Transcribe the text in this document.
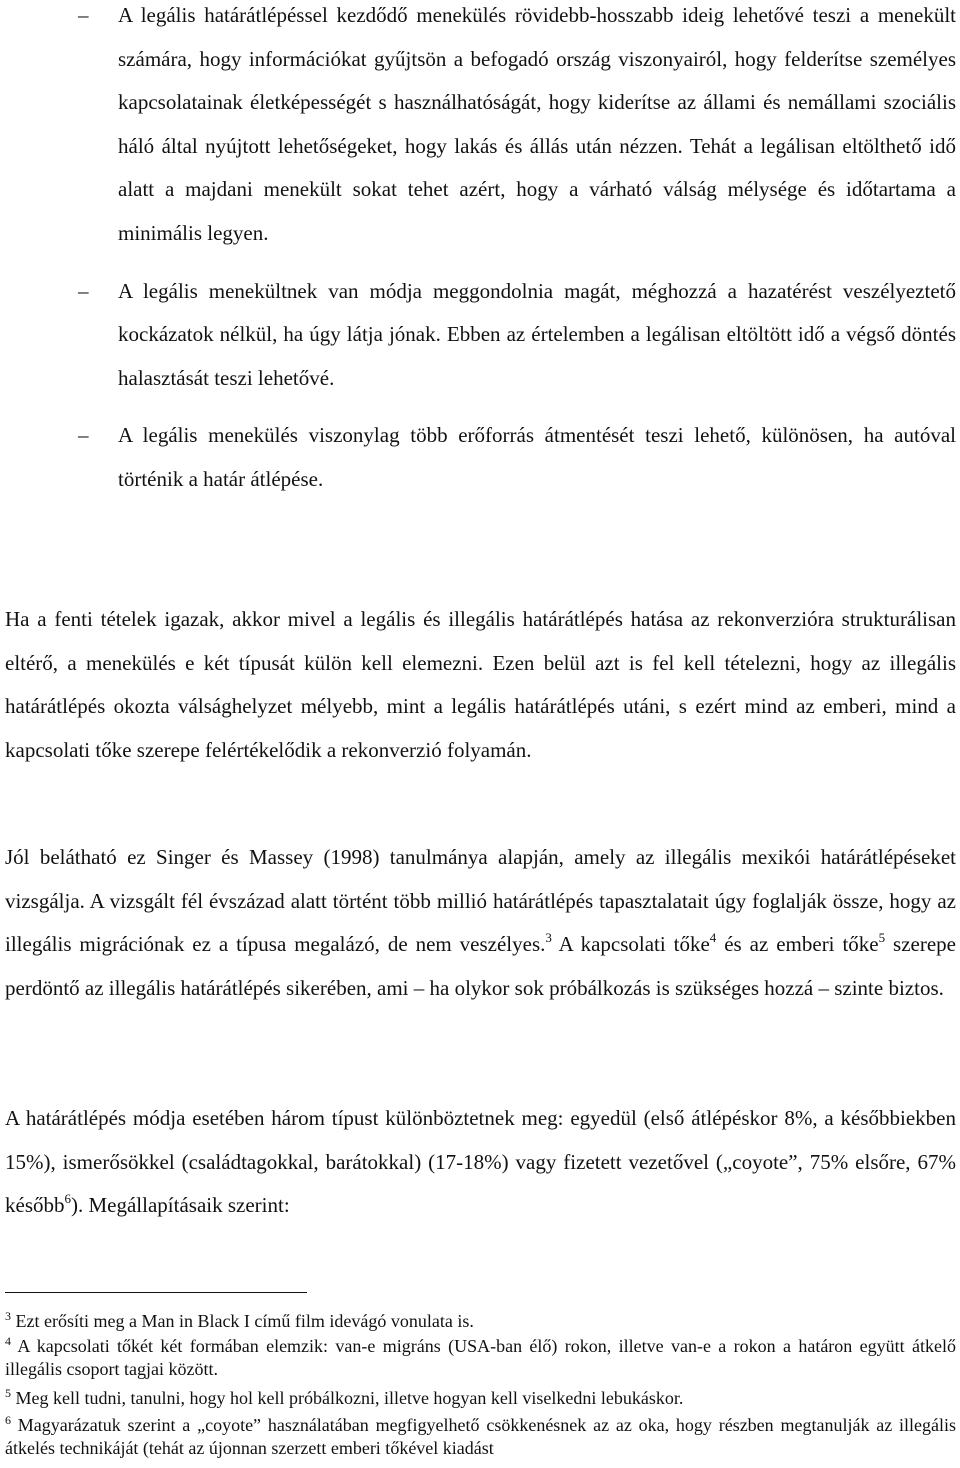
– A legális határátlépéssel kezdődő menekülés rövidebb-hosszabb ideig lehetővé teszi a menekült számára, hogy információkat gyűjtsön a befogadó ország viszonyairól, hogy felderítse személyes kapcsolatainak életképességét s használhatóságát, hogy kiderítse az állami és nemállami szociális háló által nyújtott lehetőségeket, hogy lakás és állás után nézzen. Tehát a legálisan eltölthető idő alatt a majdani menekült sokat tehet azért, hogy a várható válság mélysége és időtartama a minimális legyen.

– A legális menekültnek van módja meggondolnia magát, méghozzá a hazatérést veszélyeztető kockázatok nélkül, ha úgy látja jónak. Ebben az értelemben a legálisan eltöltött idő a végső döntés halasztását teszi lehetővé.

– A legális menekülés viszonylag több erőforrás átmentését teszi lehető, különösen, ha autóval történik a határ átlépése.

Ha a fenti tételek igazak, akkor mivel a legális és illegális határátlépés hatása az rekonverzióra strukturálisan eltérő, a menekülés e két típusát külön kell elemezni. Ezen belül azt is fel kell tételezni, hogy az illegális határátlépés okozta válsághelyzet mélyebb, mint a legális határátlépés utáni, s ezért mind az emberi, mind a kapcsolati tőke szerepe felértékelődik a rekonverzió folyamán.

Jól belátható ez Singer és Massey (1998) tanulmánya alapján, amely az illegális mexikói határátlépéseket vizsgálja. A vizsgált fél évszázad alatt történt több millió határátlépés tapasztalatait úgy foglalják össze, hogy az illegális migrációnak ez a típusa megalázó, de nem veszélyes.$^3$ A kapcsolati tőke$^4$ és az emberi tőke$^5$ szerepe perdöntő az illegális határátlépés sikerében, ami – ha olykor sok próbálkozás is szükséges hozzá – szinte biztos.

A határátlépés módja esetében három típust különböztetnek meg: egyedül (első átlépéskor 8%, a későbbiekben 15%), ismerősökkel (családtagokkal, barátokkal) (17-18%) vagy fizetett vezetővel („coyote”, 75% elsőre, 67% később$^6$). Megállapításaik szerint:

$^3$ Ezt erősíti meg a Man in Black I című film idevágó vonulata is.

$^4$ A kapcsolati tőkét két formában elemzik: van-e migráns (USA-ban élő) rokon, illetve van-e a rokon a határon együtt átkelő illegális csoport tagjai között.

$^5$ Meg kell tudni, tanulni, hogy hol kell próbálkozni, illetve hogyan kell viselkedni lebukáskor.

$^6$ Magyarázatuk szerint a „coyote” használatában megfigyelhető csökkenésnek az az oka, hogy részben megtanulják az illegális átkelés technikáját (tehát az újonnan szerzett emberi tőkével kiadást
